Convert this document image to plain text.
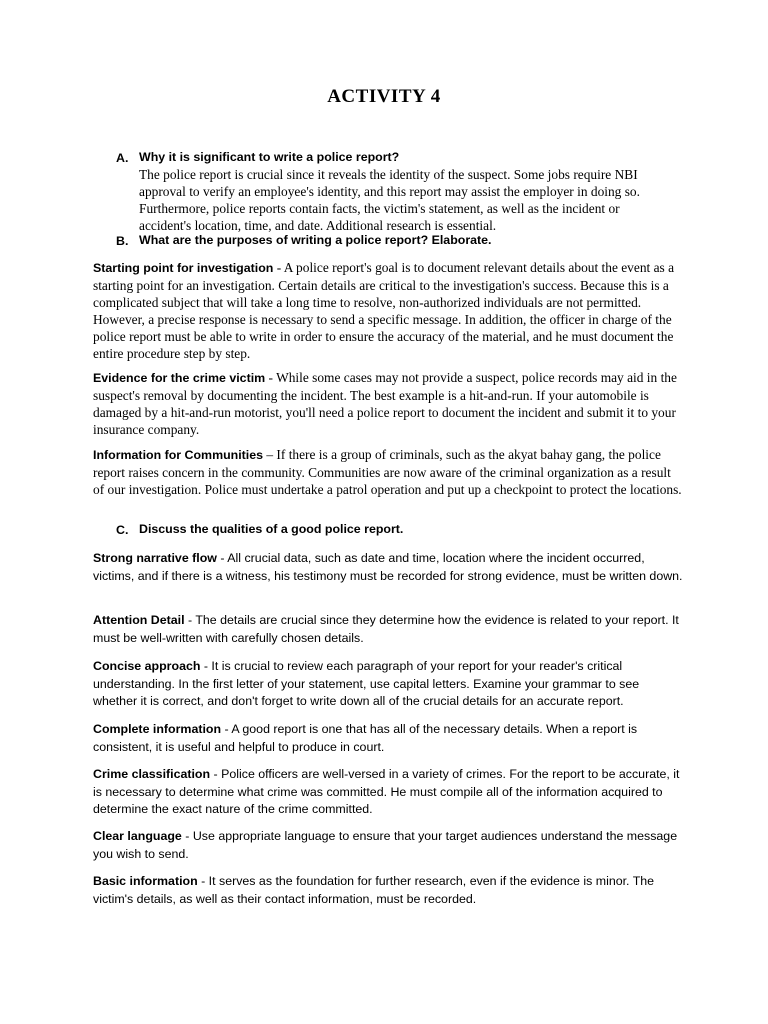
ACTIVITY 4
A. Why it is significant to write a police report?

The police report is crucial since it reveals the identity of the suspect. Some jobs require NBI approval to verify an employee's identity, and this report may assist the employer in doing so. Furthermore, police reports contain facts, the victim's statement, as well as the incident or accident's location, time, and date. Additional research is essential.

B. What are the purposes of writing a police report? Elaborate.

Starting point for investigation - A police report's goal is to document relevant details about the event as a starting point for an investigation. Certain details are critical to the investigation's success. Because this is a complicated subject that will take a long time to resolve, non-authorized individuals are not permitted. However, a precise response is necessary to send a specific message. In addition, the officer in charge of the police report must be able to write in order to ensure the accuracy of the material, and he must document the entire procedure step by step.

Evidence for the crime victim - While some cases may not provide a suspect, police records may aid in the suspect's removal by documenting the incident. The best example is a hit-and-run. If your automobile is damaged by a hit-and-run motorist, you'll need a police report to document the incident and submit it to your insurance company.

Information for Communities – If there is a group of criminals, such as the akyat bahay gang, the police report raises concern in the community. Communities are now aware of the criminal organization as a result of our investigation. Police must undertake a patrol operation and put up a checkpoint to protect the locations.

C. Discuss the qualities of a good police report.

Strong narrative flow - All crucial data, such as date and time, location where the incident occurred, victims, and if there is a witness, his testimony must be recorded for strong evidence, must be written down.

Attention Detail - The details are crucial since they determine how the evidence is related to your report. It must be well-written with carefully chosen details.

Concise approach - It is crucial to review each paragraph of your report for your reader's critical understanding. In the first letter of your statement, use capital letters. Examine your grammar to see whether it is correct, and don't forget to write down all of the crucial details for an accurate report.

Complete information - A good report is one that has all of the necessary details. When a report is consistent, it is useful and helpful to produce in court.

Crime classification - Police officers are well-versed in a variety of crimes. For the report to be accurate, it is necessary to determine what crime was committed. He must compile all of the information acquired to determine the exact nature of the crime committed.

Clear language - Use appropriate language to ensure that your target audiences understand the message you wish to send.

Basic information - It serves as the foundation for further research, even if the evidence is minor. The victim's details, as well as their contact information, must be recorded.
